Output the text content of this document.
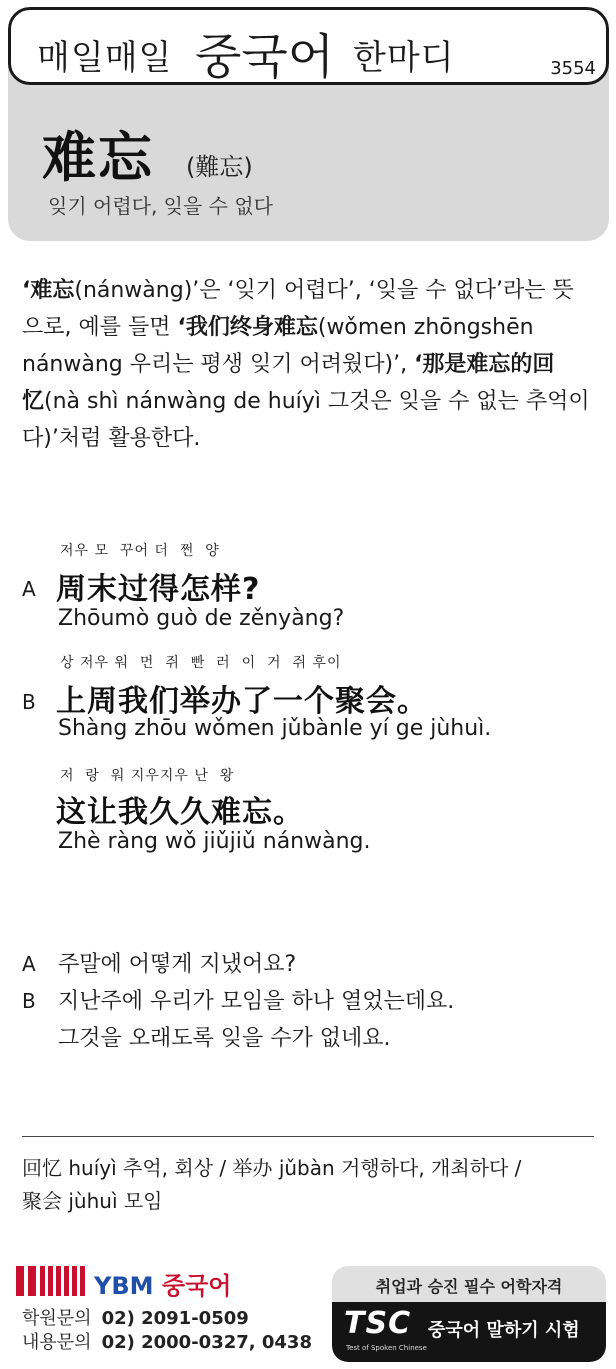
매일매일 중국어 한마디	3554
难忘 (難忘)
잊기 어렵다, 잊을 수 없다

‘难忘(nánwàng)’은 ‘잊기 어렵다’, ‘잊을 수 없다’라는 뜻

으로, 예를 들면 ‘我们终身难忘(wǒmen zhōngshēn

nánwàng 우리는 평생 잊기 어려웠다)’, ‘那是难忘的回

忆(nà shì nánwàng de huíyì 그것은 잊을 수 없는 추억이

다)’처럼 활용한다.

저우 모  꾸어 더  쩐  양
A 周末过得怎样?
Zhōumò guò de zěnyàng?
상 저우 워  먼  쥐  빤  러  이  거  쥐 후이
B 上周我们举办了一个聚会。
Shàng zhōu wǒmen jǔbànle yí ge jùhuì.
저  랑  워 지우지우 난  왕
这让我久久难忘。
Zhè ràng wǒ jiǔjiǔ nánwàng.
A 주말에 어떻게 지냈어요?
B 지난주에 우리가 모임을 하나 열었는데요.
그것을 오래도록 잊을 수가 없네요.

回忆 huíyì 추억, 회상 / 举办 jǔbàn 거행하다, 개최하다 /

聚会 jùhuì 모임

YBM 중국어
학원문의 02) 2091-0509
내용문의 02) 2000-0327, 0438
취업과 승진 필수 어학자격
TSC
Test of Spoken Chinese
중국어 말하기 시험
